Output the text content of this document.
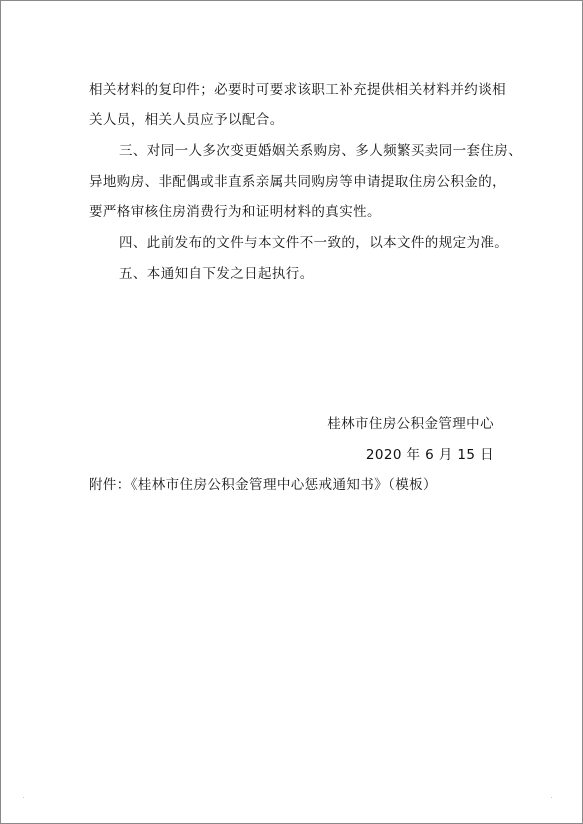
相关材料的复印件；必要时可要求该职工补充提供相关材料并约谈相
关人员，相关人员应予以配合。
三、对同一人多次变更婚姻关系购房、多人频繁买卖同一套住房、
异地购房、非配偶或非直系亲属共同购房等申请提取住房公积金的，
要严格审核住房消费行为和证明材料的真实性。
四、此前发布的文件与本文件不一致的，以本文件的规定为准。
五、本通知自下发之日起执行。
桂林市住房公积金管理中心
2020 年 6 月 15 日
附件：《桂林市住房公积金管理中心惩戒通知书》（模板）
